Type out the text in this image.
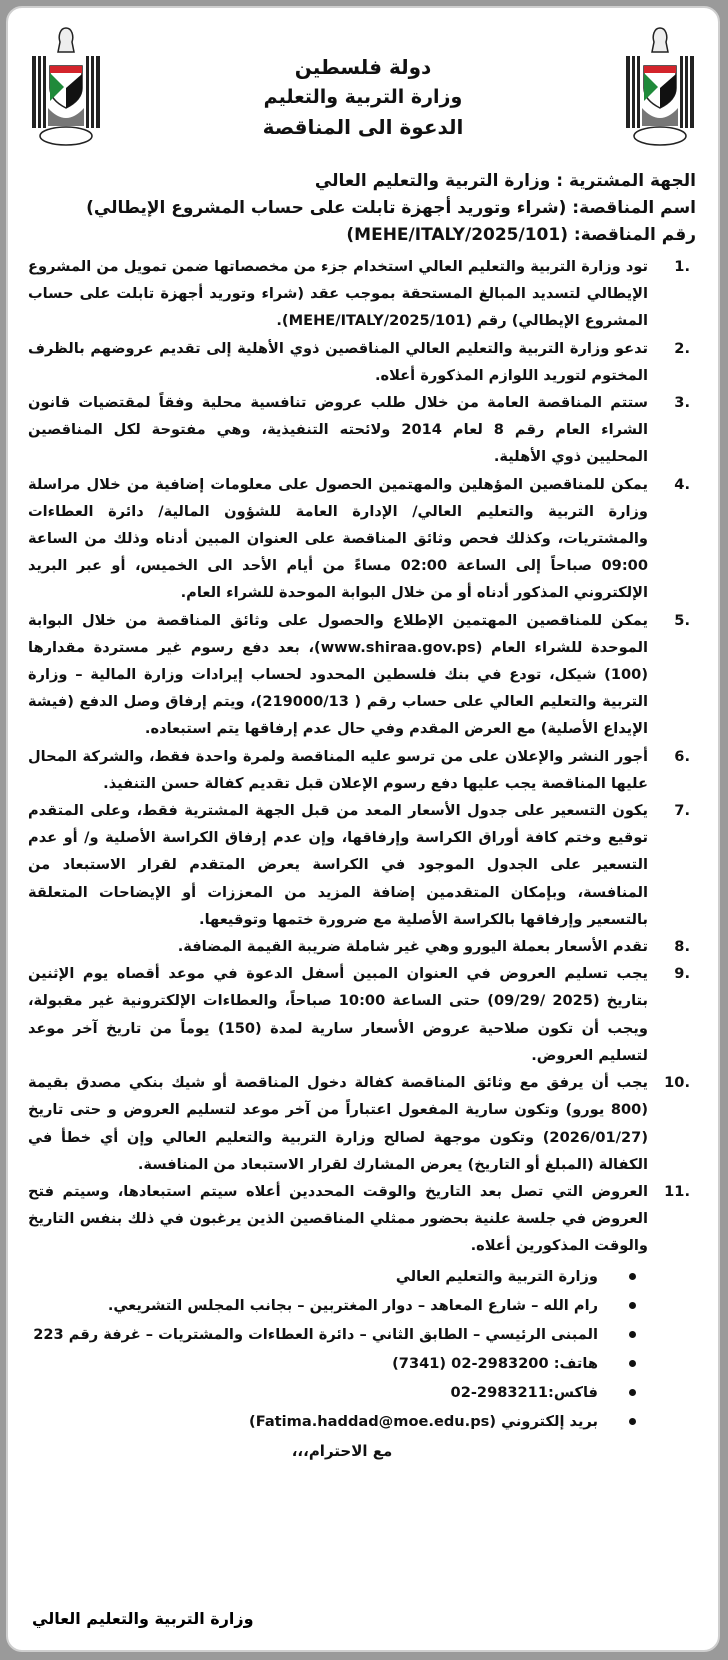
دولة فلسطين
وزارة التربية والتعليم
الدعوة الى المناقصة
الجهة المشترية : وزارة التربية والتعليم العالي
اسم المناقصة: (شراء وتوريد أجهزة تابلت على حساب المشروع الإيطالي)
رقم المناقصة: (MEHE/ITALY/2025/101)
1.
تود وزارة التربية والتعليم العالي استخدام جزء من مخصصاتها ضمن تمويل من المشروع الإيطالي لتسديد المبالغ المستحقة بموجب عقد (شراء وتوريد أجهزة تابلت على حساب المشروع الإيطالي) رقم (MEHE/ITALY/2025/101).
2.
تدعو وزارة التربية والتعليم العالي المناقصين ذوي الأهلية إلى تقديم عروضهم بالظرف المختوم لتوريد اللوازم المذكورة أعلاه.
3.
ستتم المناقصة العامة من خلال طلب عروض تنافسية محلية وفقاً لمقتضيات قانون الشراء العام رقم 8 لعام 2014 ولائحته التنفيذية، وهي مفتوحة لكل المناقصين المحليين ذوي الأهلية.
4.
يمكن للمناقصين المؤهلين والمهتمين الحصول على معلومات إضافية من خلال مراسلة وزارة التربية والتعليم العالي/ الإدارة العامة للشؤون المالية/ دائرة العطاءات والمشتريات، وكذلك فحص وثائق المناقصة على العنوان المبين أدناه وذلك من الساعة 09:00 صباحاً إلى الساعة 02:00 مساءً من أيام الأحد الى الخميس، أو عبر البريد الإلكتروني المذكور أدناه أو من خلال البوابة الموحدة للشراء العام.
5.
يمكن للمناقصين المهتمين الإطلاع والحصول على وثائق المناقصة من خلال البوابة الموحدة للشراء العام (www.shiraa.gov.ps)، بعد دفع رسوم غير مستردة مقدارها (100) شيكل، تودع في بنك فلسطين المحدود لحساب إيرادات وزارة المالية – وزارة التربية والتعليم العالي على حساب رقم ( 219000/13)، ويتم إرفاق وصل الدفع (فيشة الإيداع الأصلية) مع العرض المقدم وفي حال عدم إرفاقها يتم استبعاده.
6.
أجور النشر والإعلان على من ترسو عليه المناقصة ولمرة واحدة فقط، والشركة المحال عليها المناقصة يجب عليها دفع رسوم الإعلان قبل تقديم كفالة حسن التنفيذ.
7.
يكون التسعير على جدول الأسعار المعد من قبل الجهة المشترية فقط، وعلى المتقدم توقيع وختم كافة أوراق الكراسة وإرفاقها، وإن عدم إرفاق الكراسة الأصلية و/ أو عدم التسعير على الجدول الموجود في الكراسة يعرض المتقدم لقرار الاستبعاد من المنافسة، وبإمكان المتقدمين إضافة المزيد من المعززات أو الإيضاحات المتعلقة بالتسعير وإرفاقها بالكراسة الأصلية مع ضرورة ختمها وتوقيعها.
8.
تقدم الأسعار بعملة اليورو وهي غير شاملة ضريبة القيمة المضافة.
9.
يجب تسليم العروض في العنوان المبين أسفل الدعوة في موعد أقصاه يوم الإثنين بتاريخ (2025 /09/29) حتى الساعة 10:00 صباحاً، والعطاءات الإلكترونية غير مقبولة، ويجب أن تكون صلاحية عروض الأسعار سارية لمدة (150) يوماً من تاريخ آخر موعد لتسليم العروض.
10.
يجب أن يرفق مع وثائق المناقصة كفالة دخول المناقصة أو شيك بنكي مصدق بقيمة (800 يورو) وتكون سارية المفعول اعتباراً من آخر موعد لتسليم العروض و حتى تاريخ (2026/01/27) وتكون موجهة لصالح وزارة التربية والتعليم العالي وإن أي خطأ في الكفالة (المبلغ أو التاريخ) يعرض المشارك لقرار الاستبعاد من المنافسة.
11.
العروض التي تصل بعد التاريخ والوقت المحددين أعلاه سيتم استبعادها، وسيتم فتح العروض في جلسة علنية بحضور ممثلي المناقصين الذين يرغبون في ذلك بنفس التاريخ والوقت المذكورين أعلاه.
وزارة التربية والتعليم العالي
رام الله – شارع المعاهد – دوار المغتربين – بجانب المجلس التشريعي.
المبنى الرئيسي – الطابق الثاني – دائرة العطاءات والمشتريات – غرفة رقم 223
هاتف: (7341) 02-2983200
فاكس:02-2983211
بريد إلكتروني (Fatima.haddad@moe.edu.ps)
مع الاحترام،،،
وزارة التربية والتعليم العالي
